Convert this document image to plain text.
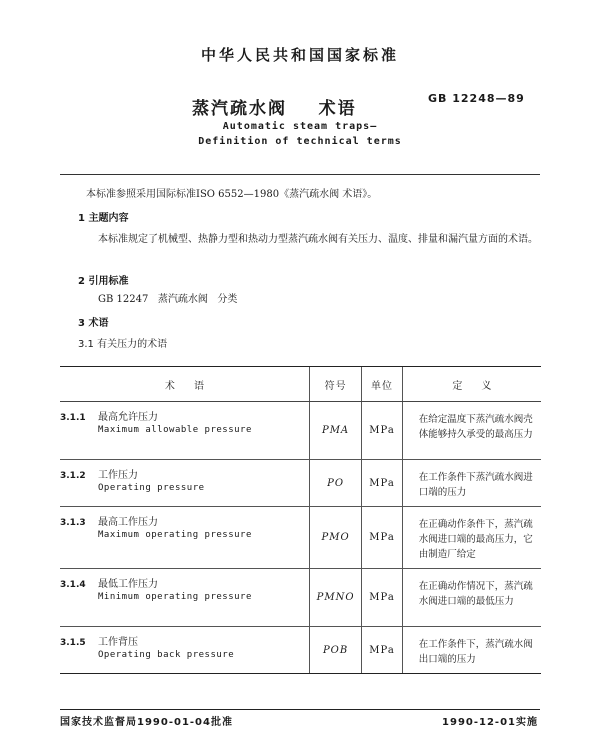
中华人民共和国国家标准
蒸汽疏水阀    术语
GB 12248—89
Automatic steam traps—
Definition of technical terms
本标准参照采用国际标准ISO 6552—1980《蒸汽疏水阀 术语》。
1 主题内容
本标准规定了机械型、热静力型和热动力型蒸汽疏水阀有关压力、温度、排量和漏汽量方面的术语。
2 引用标准
GB 12247   蒸汽疏水阀   分类
3 术语
3.1 有关压力的术语
术      语	符号	单位	定      义

3.1.1 最高允许压力
Maximum allowable pressure	PMA	MPa	在给定温度下蒸汽疏水阀壳体能够持久承受的最高压力

3.1.2 工作压力
Operating pressure	PO	MPa	在工作条件下蒸汽疏水阀进口端的压力

3.1.3 最高工作压力
Maximum operating pressure	PMO	MPa	在正确动作条件下，蒸汽疏水阀进口端的最高压力，它由制造厂给定

3.1.4 最低工作压力
Minimum operating pressure	PMNO	MPa	在正确动作情况下，蒸汽疏水阀进口端的最低压力

3.1.5 工作背压
Operating back pressure	POB	MPa	在工作条件下，蒸汽疏水阀出口端的压力
国家技术监督局1990-01-04批准	1990-12-01实施
